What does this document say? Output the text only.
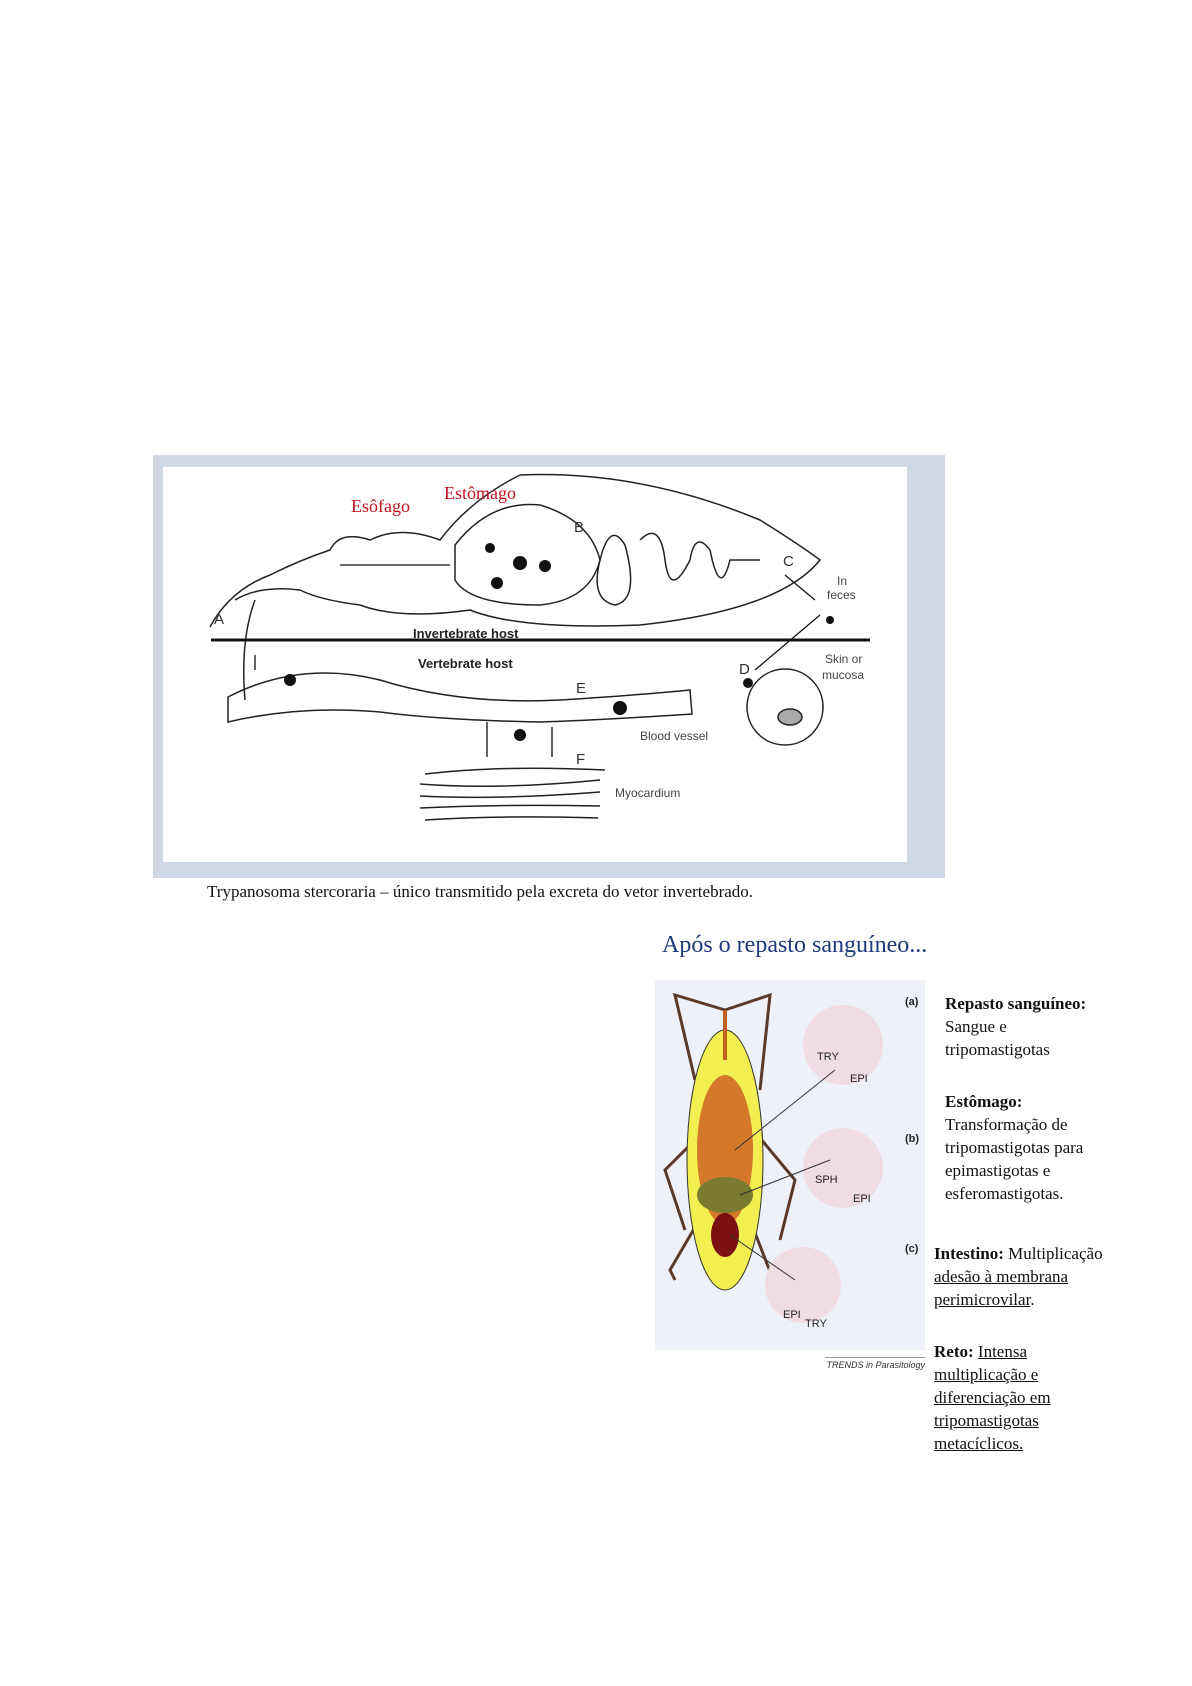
Esôfago
Estômago
B
C
A
D
E
F
In
feces
Skin or
mucosa
Blood vessel
Myocardium
Invertebrate host
Vertebrate host
Trypanosoma stercoraria – único transmitido pela excreta do vetor invertebrado.
Após o repasto sanguíneo...
TRY
EPI
SPH
EPI
EPI
TRY
(a)
(b)
(c)
TRENDS in Parasitology
Repasto sanguíneo:
Sangue e
tripomastigotas
Estômago:
Transformação de
tripomastigotas para
epimastigotas e
esferomastigotas.
Intestino: Multiplicação
adesão à membrana
perimicrovilar.
Reto: Intensa
multiplicação e
diferenciação em
tripomastigotas
metacíclicos.
